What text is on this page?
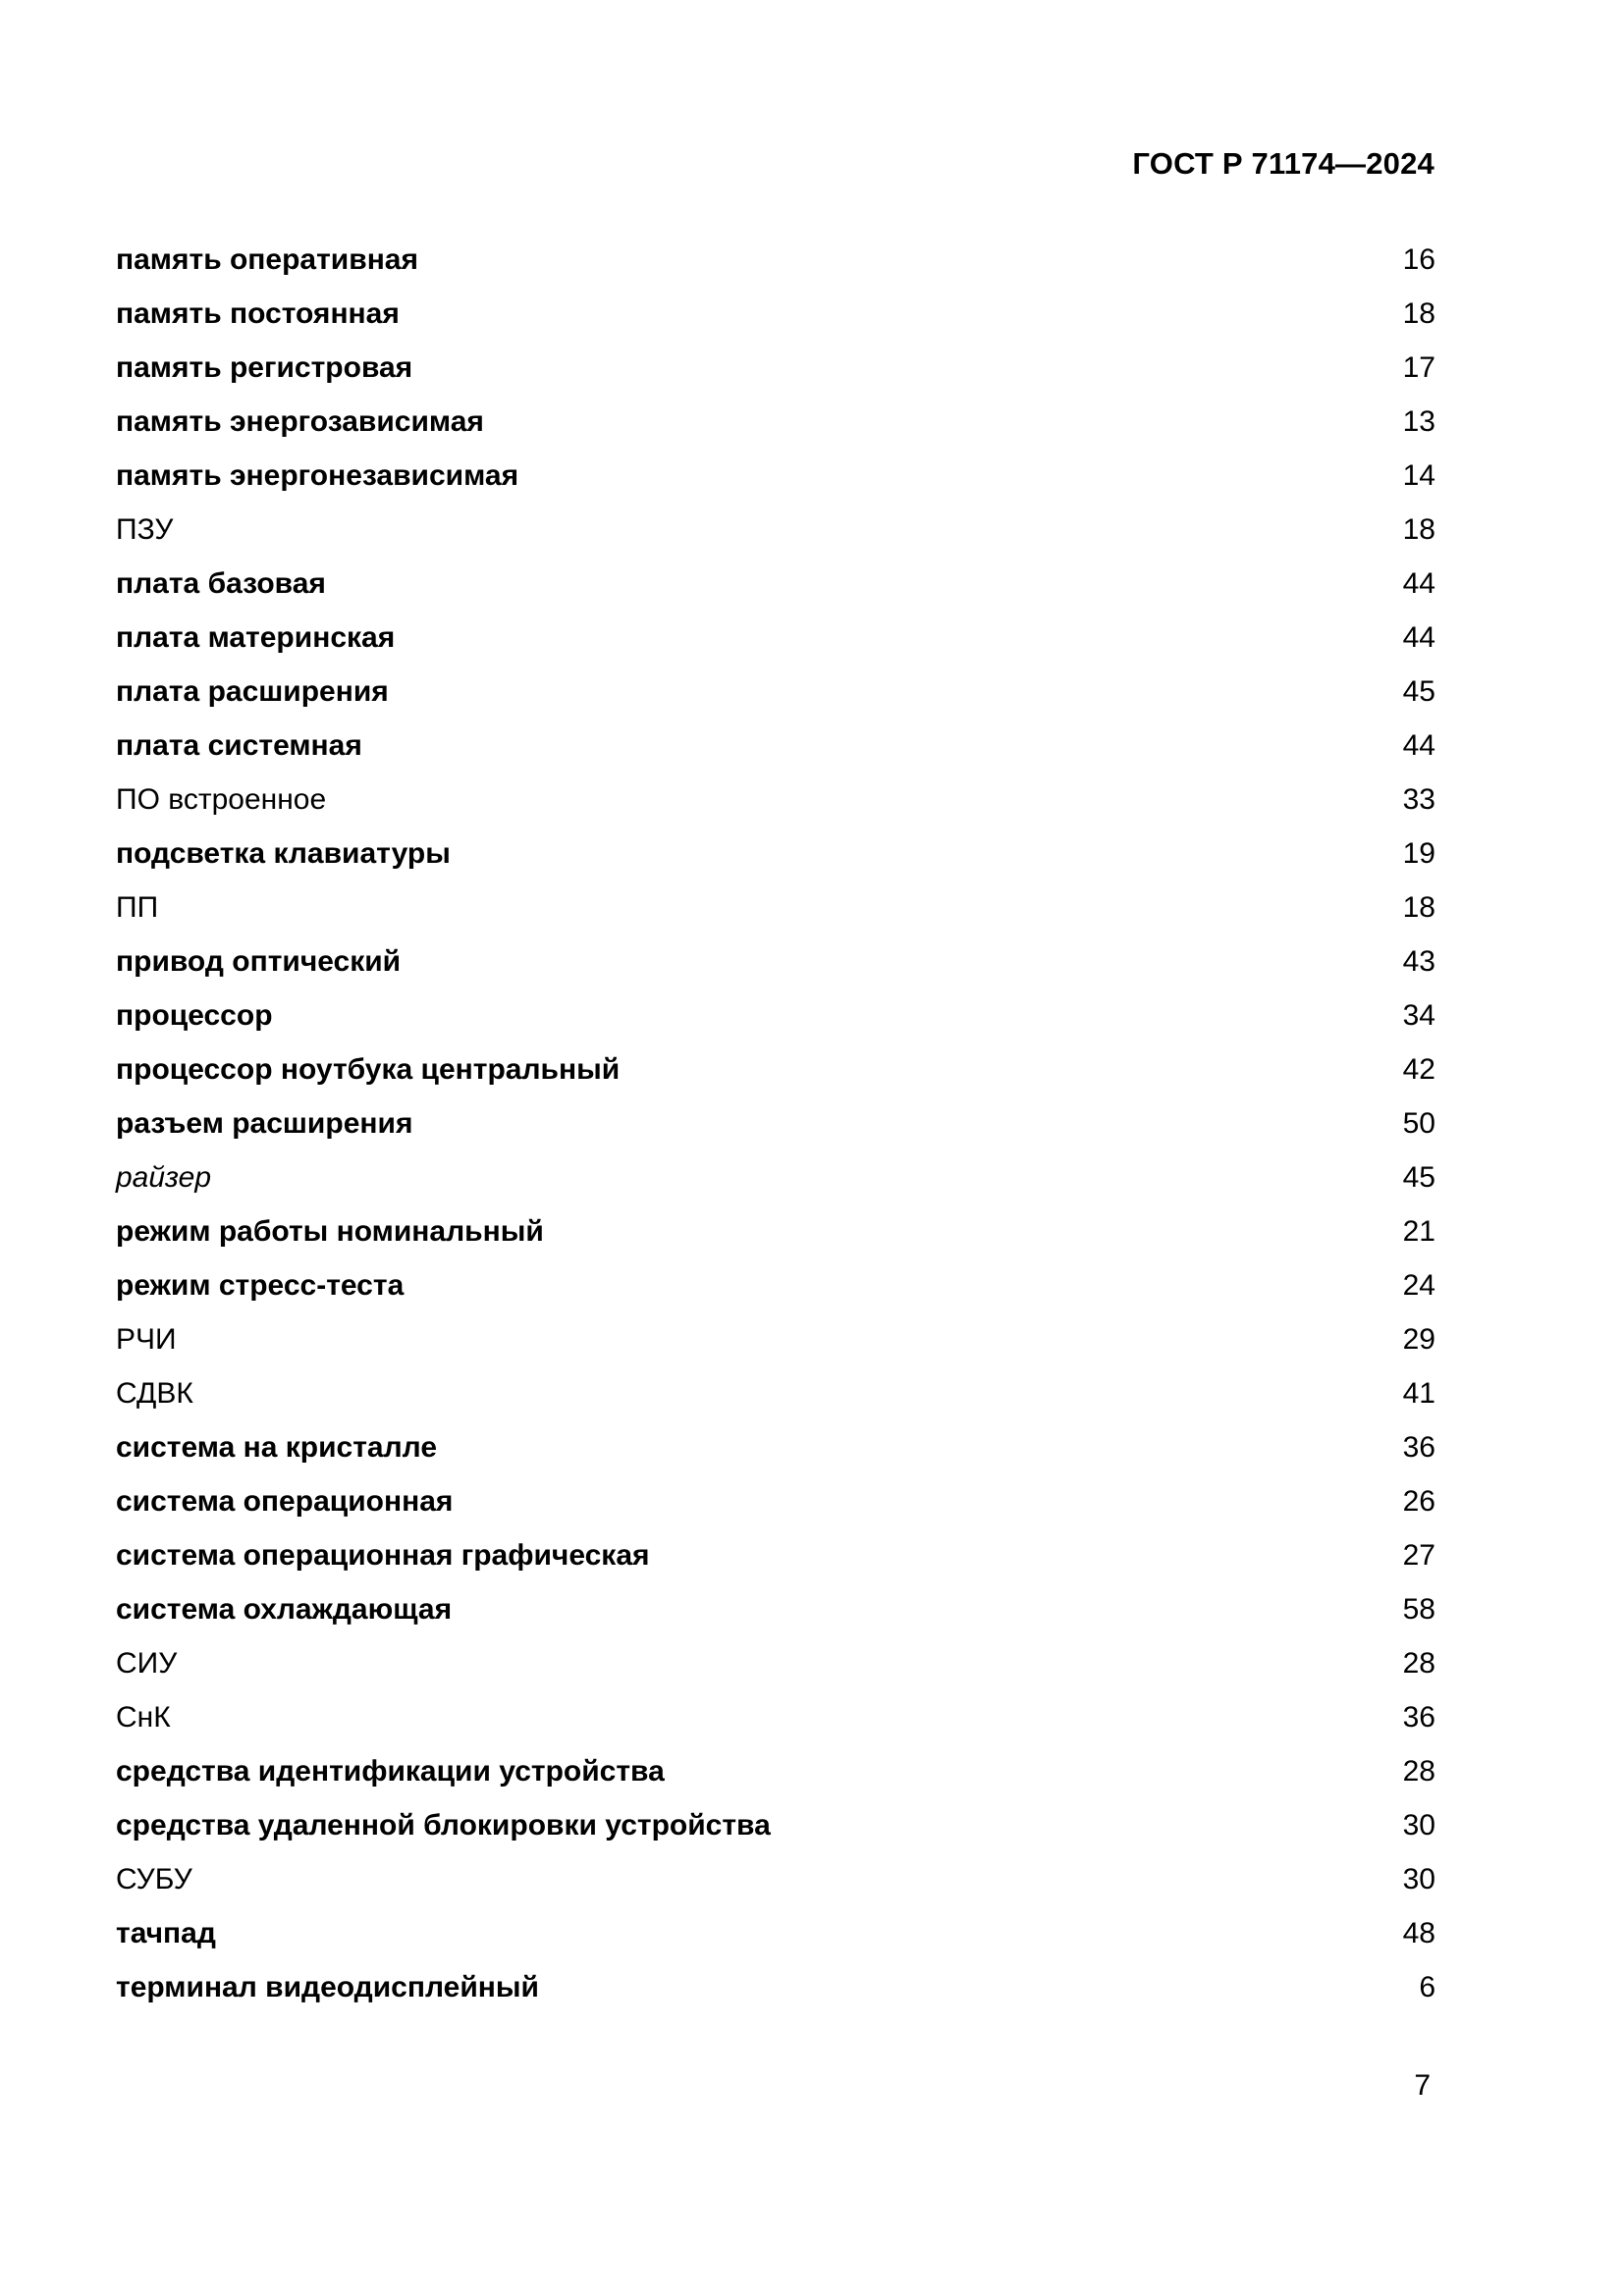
ГОСТ Р 71174—2024
память оперативная	16
память постоянная	18
память регистровая	17
память энергозависимая	13
память энергонезависимая	14
ПЗУ	18
плата базовая	44
плата материнская	44
плата расширения	45
плата системная	44
ПО встроенное	33
подсветка клавиатуры	19
ПП	18
привод оптический	43
процессор	34
процессор ноутбука центральный	42
разъем расширения	50
райзер	45
режим работы номинальный	21
режим стресс-теста	24
РЧИ	29
СДВК	41
система на кристалле	36
система операционная	26
система операционная графическая	27
система охлаждающая	58
СИУ	28
СнК	36
средства идентификации устройства	28
средства удаленной блокировки устройства	30
СУБУ	30
тачпад	48
терминал видеодисплейный	6
7
